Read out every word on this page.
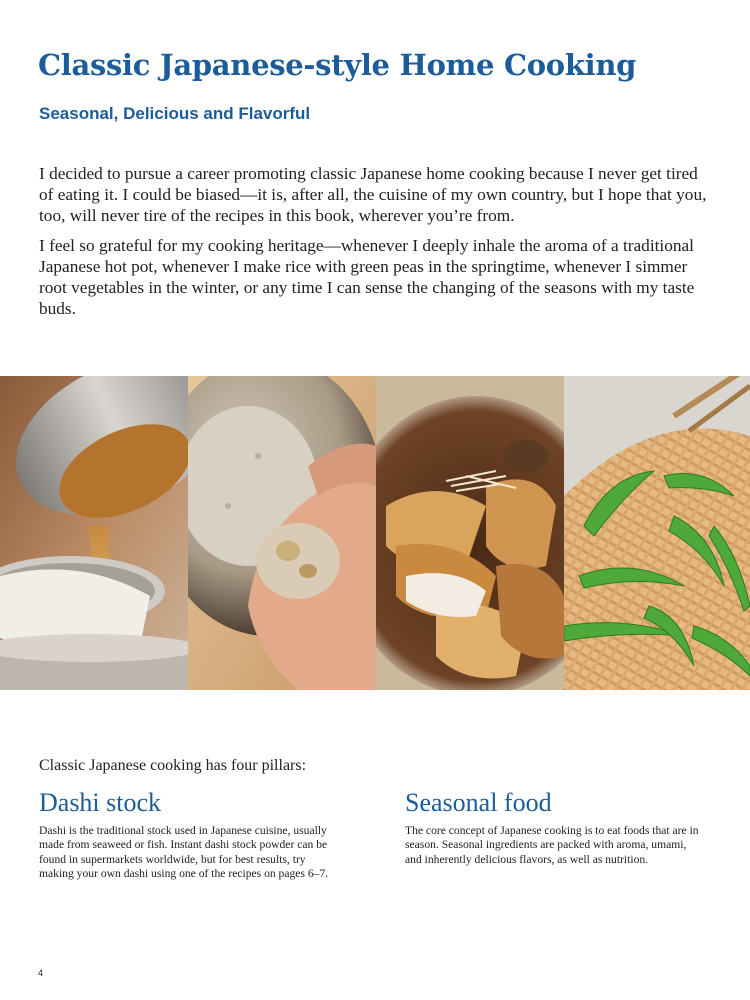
Classic Japanese-style Home Cooking
Seasonal, Delicious and Flavorful

I decided to pursue a career promoting classic Japanese home cooking because I never get tired of eating it. I could be biased—it is, after all, the cuisine of my own country, but I hope that you, too, will never tire of the recipes in this book, wherever you’re from.

I feel so grateful for my cooking heritage—whenever I deeply inhale the aroma of a traditional Japanese hot pot, whenever I make rice with green peas in the springtime, whenever I simmer root vegetables in the winter, or any time I can sense the changing of the seasons with my taste buds.

Classic Japanese cooking has four pillars:

Dashi stock

Dashi is the traditional stock used in Japanese cuisine, usually made from seaweed or fish. Instant dashi stock powder can be found in supermarkets worldwide, but for best results, try making your own dashi using one of the recipes on pages 6–7.

Seasonal food

The core concept of Japanese cooking is to eat foods that are in season. Seasonal ingredients are packed with aroma, umami, and inherently delicious flavors, as well as nutrition.

4
